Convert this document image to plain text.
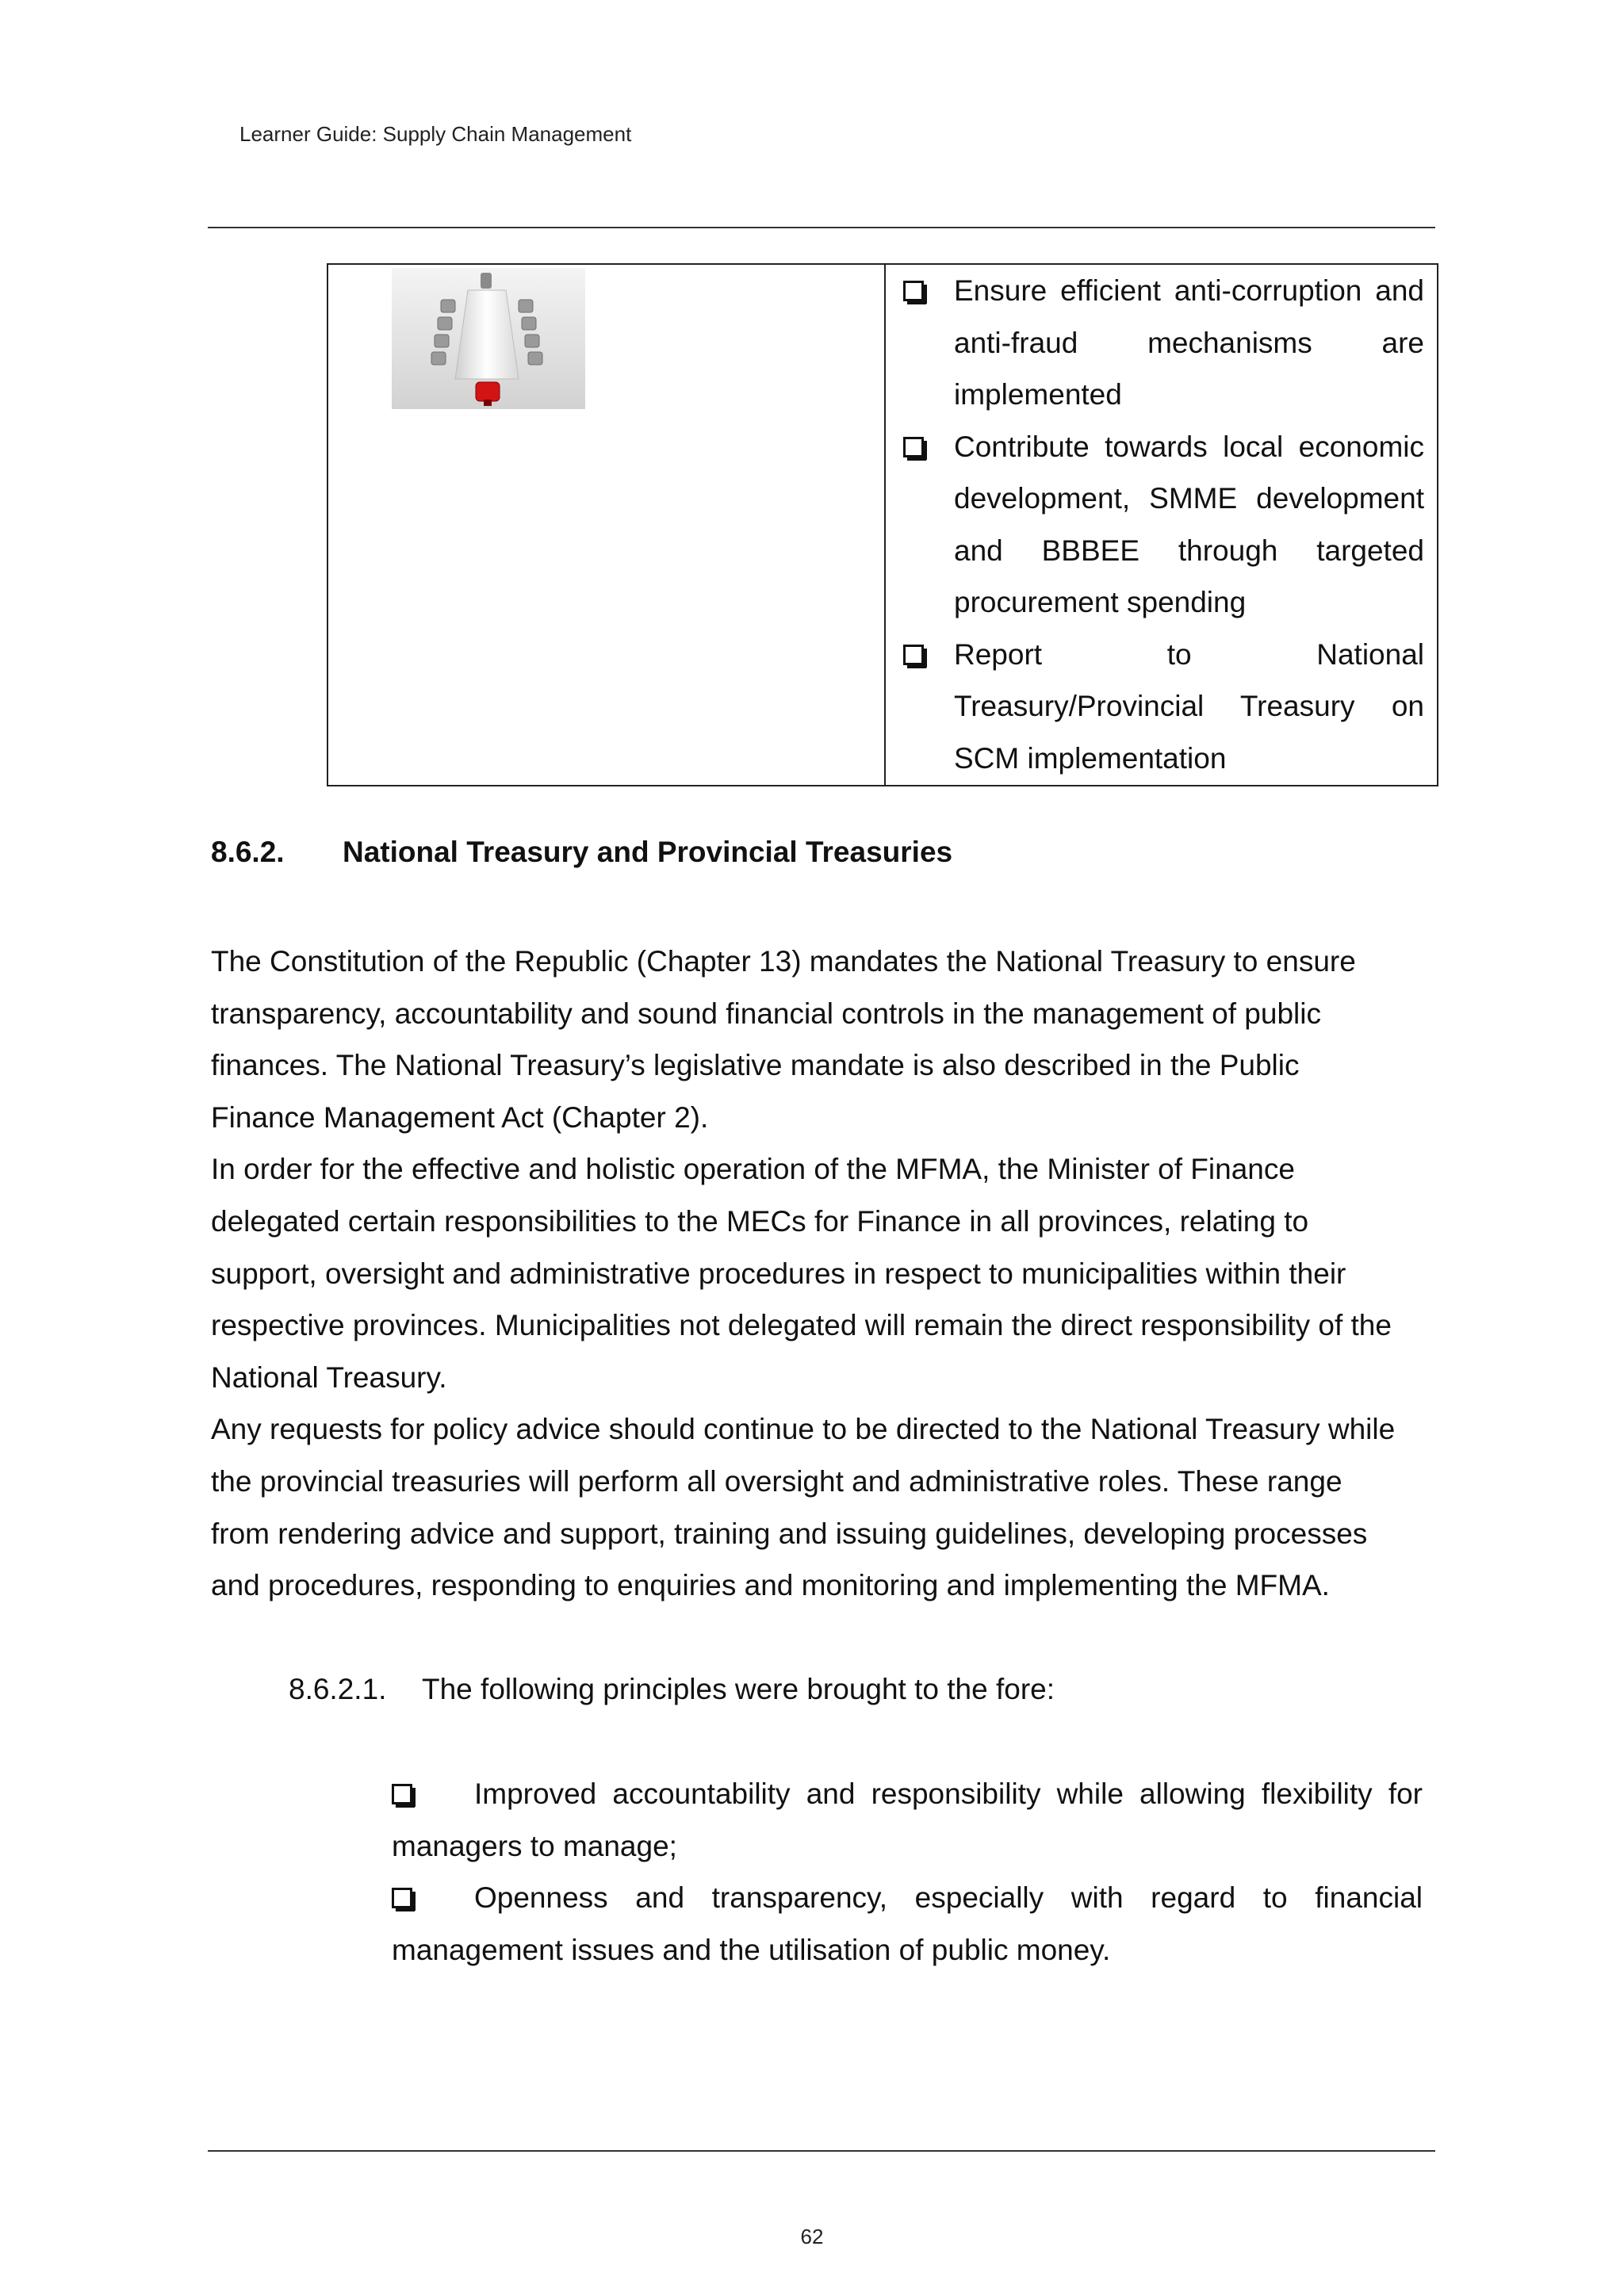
Learner Guide: Supply Chain Management
Ensure efficient anti-corruption and anti-fraud mechanisms are implemented
Contribute towards local economic development, SMME development and BBBEE through targeted procurement spending
Report to National Treasury/Provincial Treasury on SCM implementation
8.6.2.	National Treasury and Provincial Treasuries

The Constitution of the Republic (Chapter 13) mandates the National Treasury to ensure transparency, accountability and sound financial controls in the management of public finances. The National Treasury’s legislative mandate is also described in the Public Finance Management Act (Chapter 2).

In order for the effective and holistic operation of the MFMA, the Minister of Finance delegated certain responsibilities to the MECs for Finance in all provinces, relating to support, oversight and administrative procedures in respect to municipalities within their respective provinces. Municipalities not delegated will remain the direct responsibility of the National Treasury.

Any requests for policy advice should continue to be directed to the National Treasury while the provincial treasuries will perform all oversight and administrative roles. These range from rendering advice and support, training and issuing guidelines, developing processes and procedures, responding to enquiries and monitoring and implementing the MFMA.

8.6.2.1.	The following principles were brought to the fore:
Improved accountability and responsibility while allowing flexibility for managers to manage;
Openness and transparency, especially with regard to financial management issues and the utilisation of public money.
62
